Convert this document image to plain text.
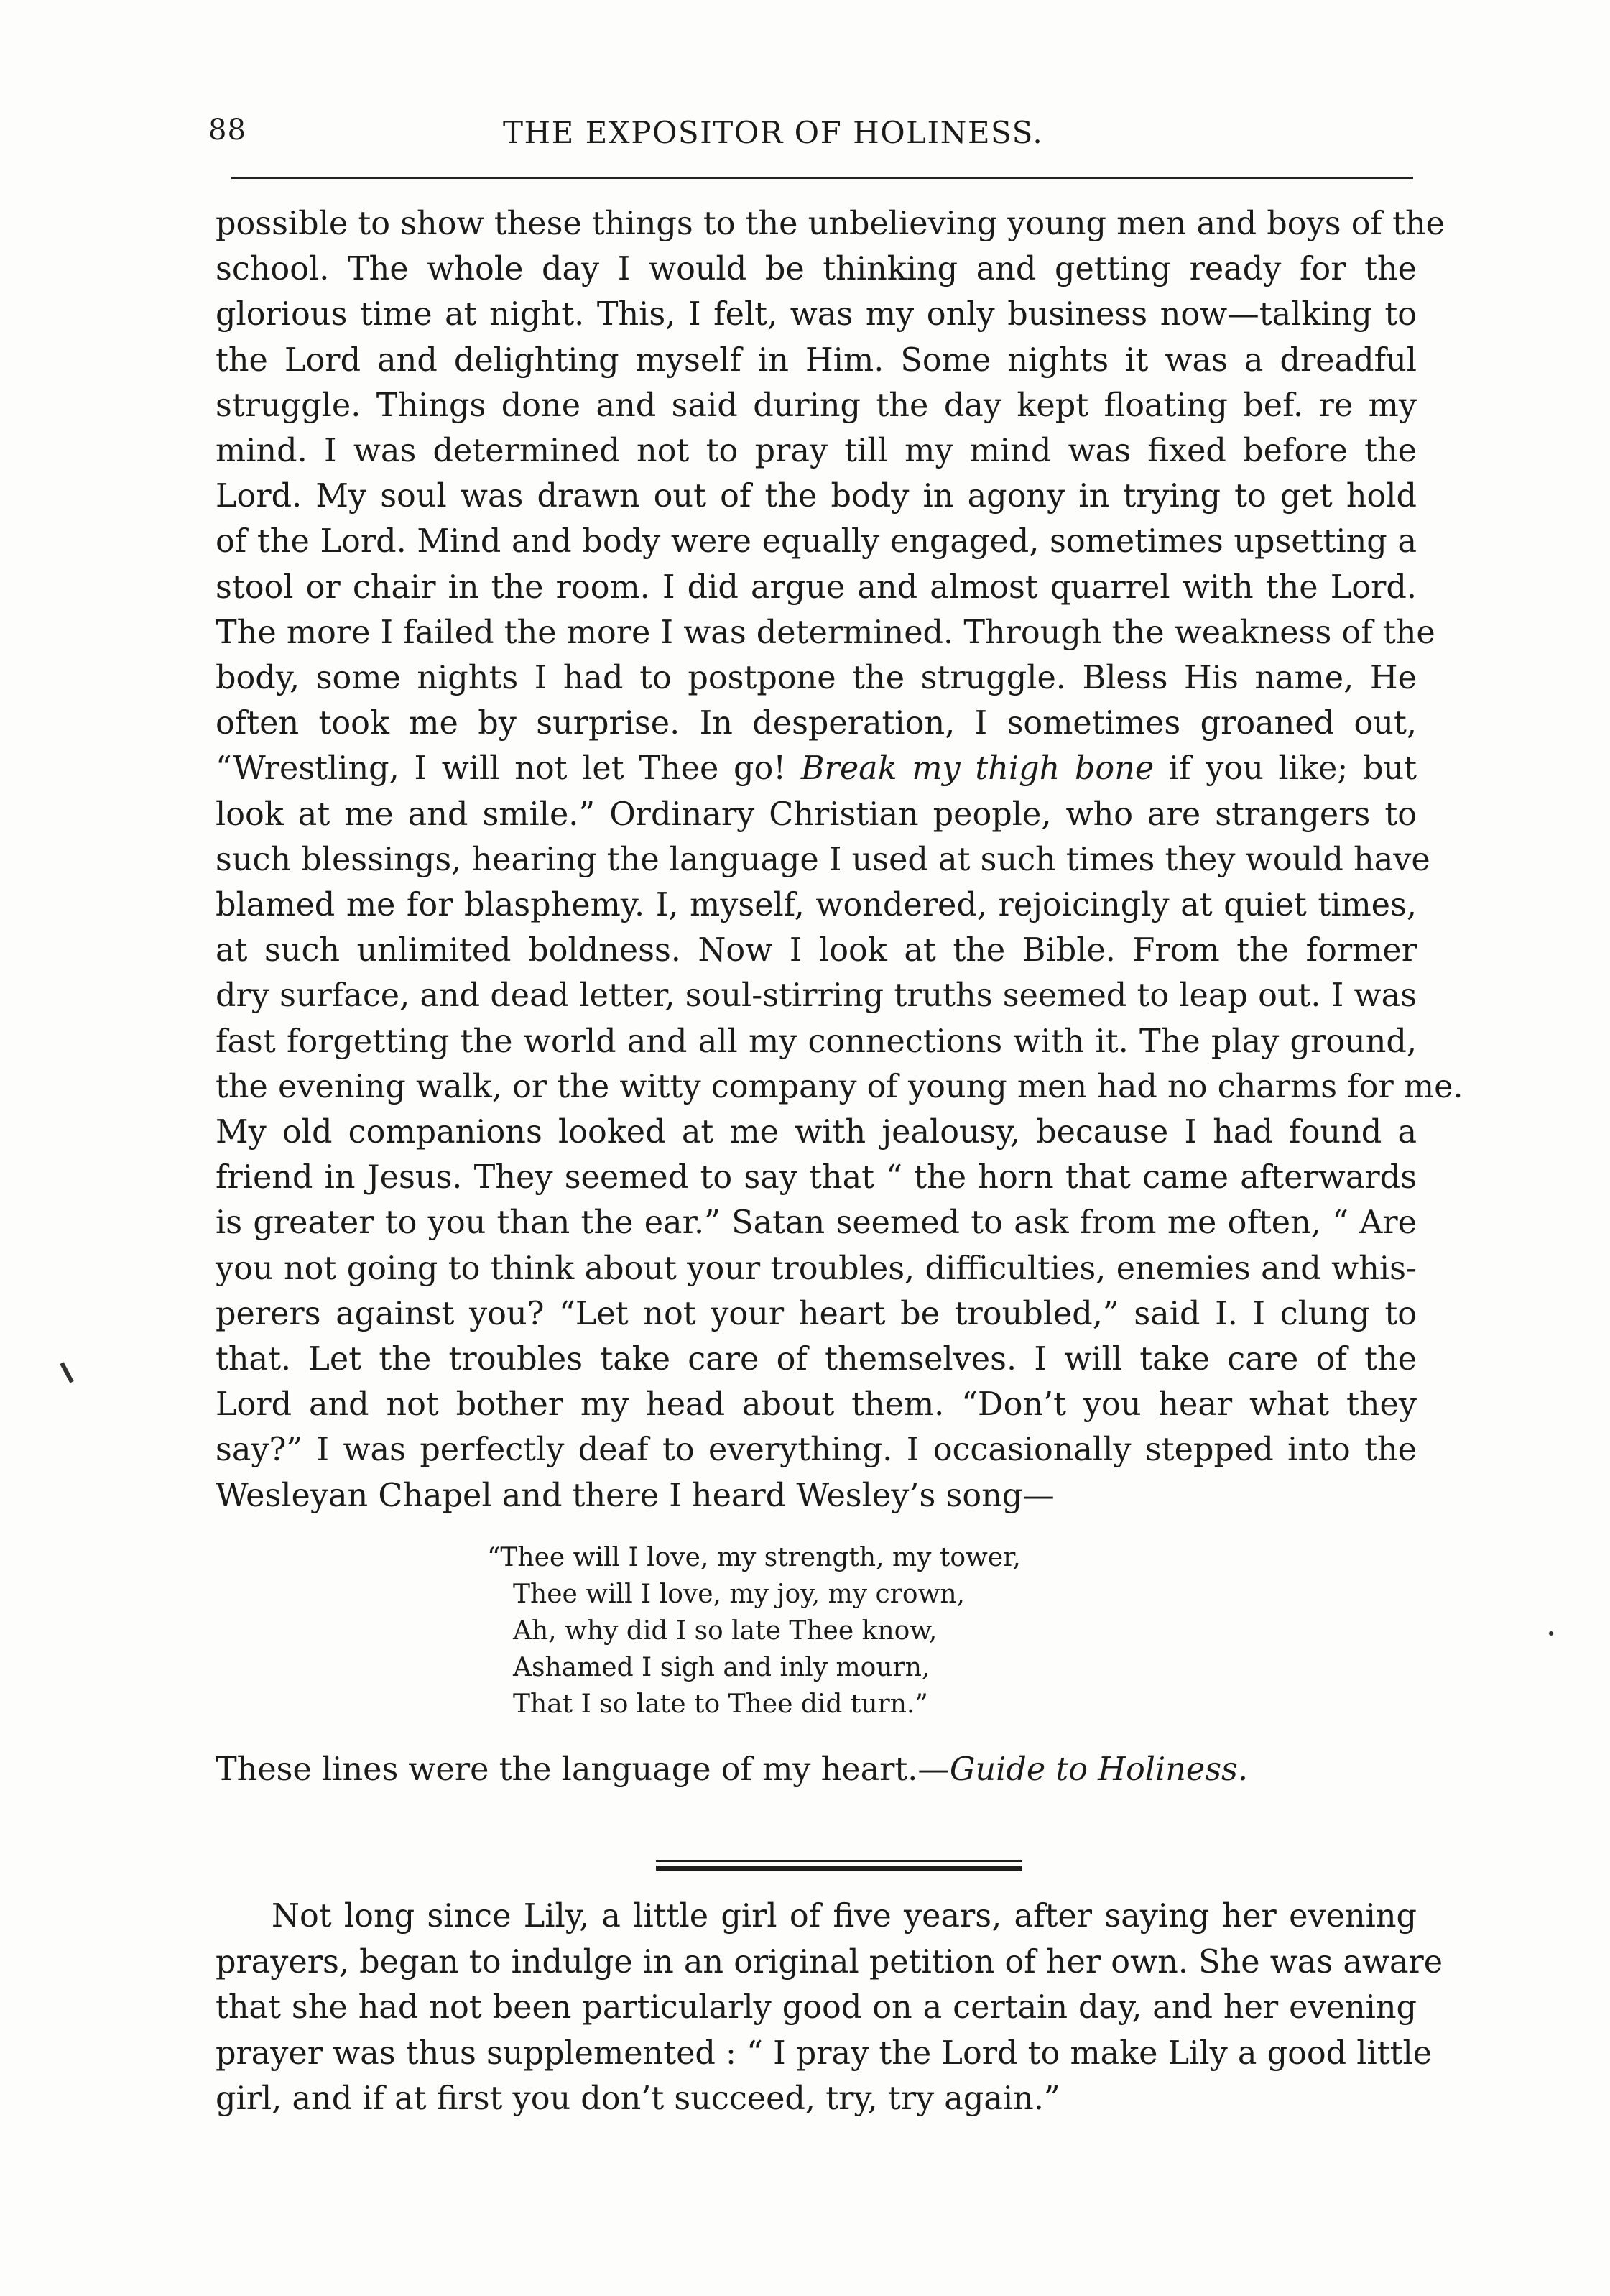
88	THE EXPOSITOR OF HOLINESS.
possible to show these things to the unbelieving young men and boys of the
school. The whole day I would be thinking and getting ready for the
glorious time at night. This, I felt, was my only business now—talking to
the Lord and delighting myself in Him. Some nights it was a dreadful
struggle. Things done and said during the day kept floating bef. re my
mind. I was determined not to pray till my mind was fixed before the
Lord. My soul was drawn out of the body in agony in trying to get hold
of the Lord. Mind and body were equally engaged, sometimes upsetting a
stool or chair in the room. I did argue and almost quarrel with the Lord.
The more I failed the more I was determined. Through the weakness of the
body, some nights I had to postpone the struggle. Bless His name, He
often took me by surprise. In desperation, I sometimes groaned out,
“Wrestling, I will not let Thee go! Break my thigh bone if you like; but
look at me and smile.” Ordinary Christian people, who are strangers to
such blessings, hearing the language I used at such times they would have
blamed me for blasphemy. I, myself, wondered, rejoicingly at quiet times,
at such unlimited boldness. Now I look at the Bible. From the former
dry surface, and dead letter, soul-stirring truths seemed to leap out. I was
fast forgetting the world and all my connections with it. The play ground,
the evening walk, or the witty company of young men had no charms for me.
My old companions looked at me with jealousy, because I had found a
friend in Jesus. They seemed to say that “ the horn that came afterwards
is greater to you than the ear.” Satan seemed to ask from me often, “ Are
you not going to think about your troubles, difficulties, enemies and whis-
perers against you? “Let not your heart be troubled,” said I. I clung to
that. Let the troubles take care of themselves. I will take care of the
Lord and not bother my head about them. “Don’t you hear what they
say?” I was perfectly deaf to everything. I occasionally stepped into the
Wesleyan Chapel and there I heard Wesley’s song—
“Thee will I love, my strength, my tower,
Thee will I love, my joy, my crown,
Ah, why did I so late Thee know,
Ashamed I sigh and inly mourn,
That I so late to Thee did turn.”
These lines were the language of my heart.—Guide to Holiness.
Not long since Lily, a little girl of five years, after saying her evening
prayers, began to indulge in an original petition of her own. She was aware
that she had not been particularly good on a certain day, and her evening
prayer was thus supplemented : “ I pray the Lord to make Lily a good little
girl, and if at first you don’t succeed, try, try again.”
